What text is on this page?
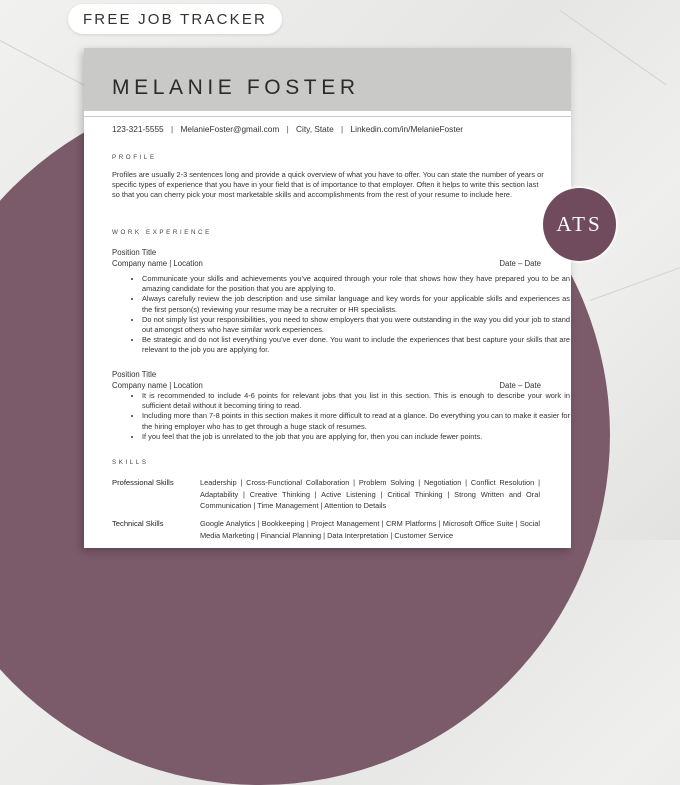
FREE JOB TRACKER
MELANIE FOSTER
123-321-5555 | MelanieFoster@gmail.com | City, State | Linkedin.com/in/MelanieFoster
PROFILE
Profiles are usually 2-3 sentences long and provide a quick overview of what you have to offer. You can state the number of years or specific types of experience that you have in your field that is of importance to that employer. Often it helps to write this section last so that you can cherry pick your most marketable skills and accomplishments from the rest of your resume to include here.
WORK EXPERIENCE
Position Title
Company name | Location	Date – Date
• Communicate your skills and achievements you’ve acquired through your role that shows how they have prepared you to be an amazing candidate for the position that you are applying to.
• Always carefully review the job description and use similar language and key words for your applicable skills and experiences as the first person(s) reviewing your resume may be a recruiter or HR specialists.
• Do not simply list your responsibilities, you need to show employers that you were outstanding in the way you did your job to stand out amongst others who have similar work experiences.
• Be strategic and do not list everything you’ve ever done. You want to include the experiences that best capture your skills that are relevant to the job you are applying for.
Position Title
Company name | Location	Date – Date
• It is recommended to include 4-6 points for relevant jobs that you list in this section. This is enough to describe your work in sufficient detail without it becoming tiring to read.
• Including more than 7-8 points in this section makes it more difficult to read at a glance. Do everything you can to make it easier for the hiring employer who has to get through a huge stack of resumes.
• If you feel that the job is unrelated to the job that you are applying for, then you can include fewer points.
SKILLS
Professional Skills	Leadership | Cross-Functional Collaboration | Problem Solving | Negotiation | Conflict Resolution | Adaptability | Creative Thinking | Active Listening | Critical Thinking | Strong Written and Oral Communication | Time Management | Attention to Details
Technical Skills	Google Analytics | Bookkeeping | Project Management | CRM Platforms | Microsoft Office Suite | Social Media Marketing | Financial Planning | Data Interpretation | Customer Service
ATS
